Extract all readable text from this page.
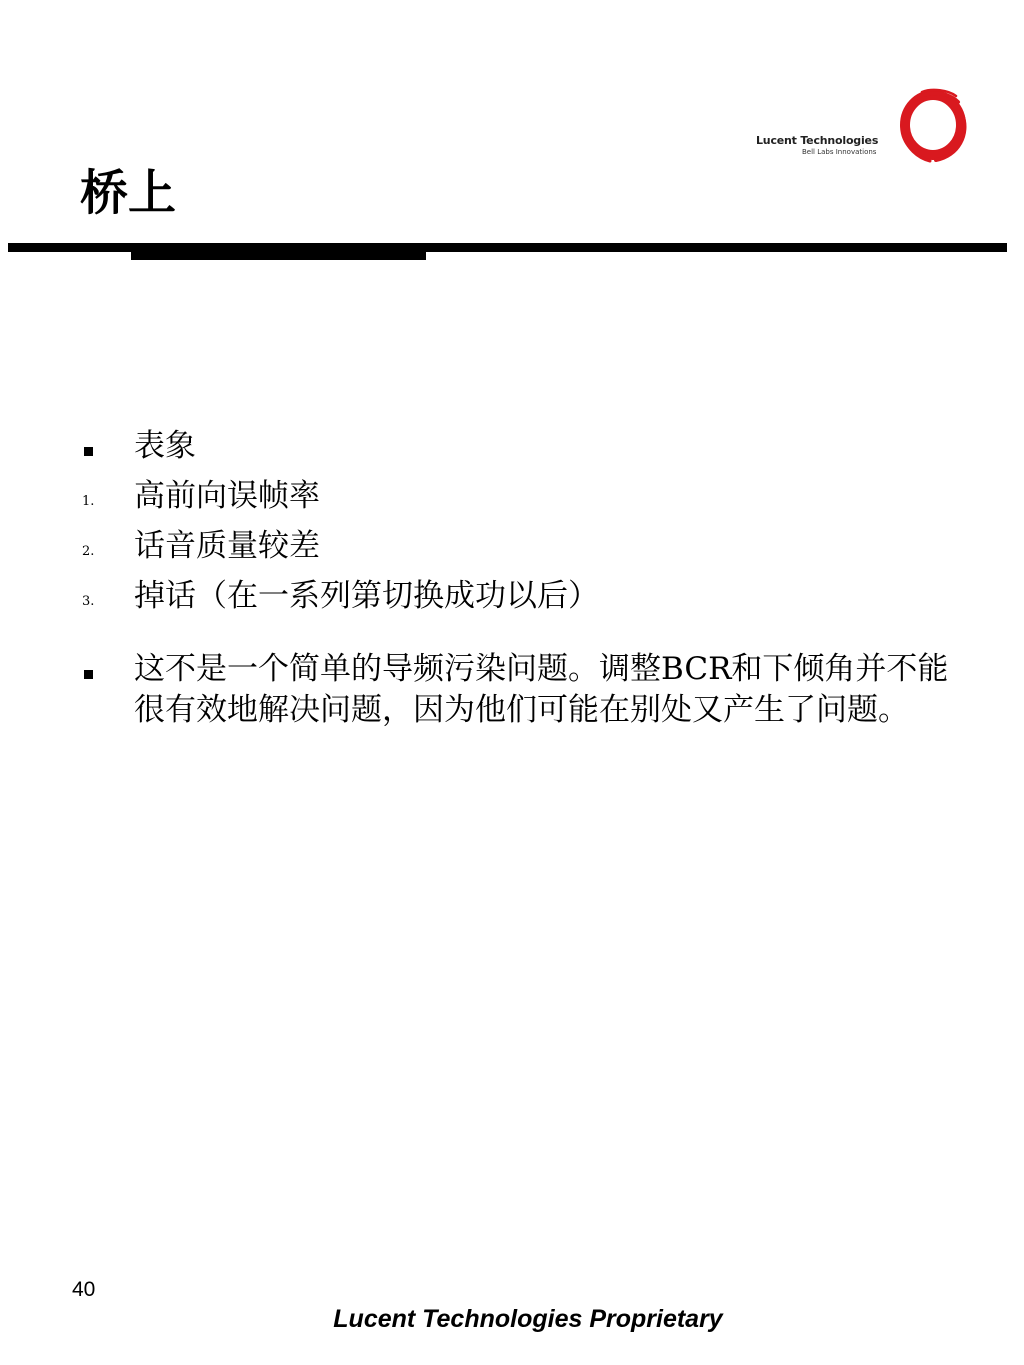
Lucent Technologies
Bell Labs Innovations
桥上
表象
1. 高前向误帧率
2. 话音质量较差
3. 掉话（在一系列第切换成功以后）
这不是一个简单的导频污染问题。调整BCR和下倾角并不能很有效地解决问题，因为他们可能在别处又产生了问题。
40
Lucent Technologies Proprietary
